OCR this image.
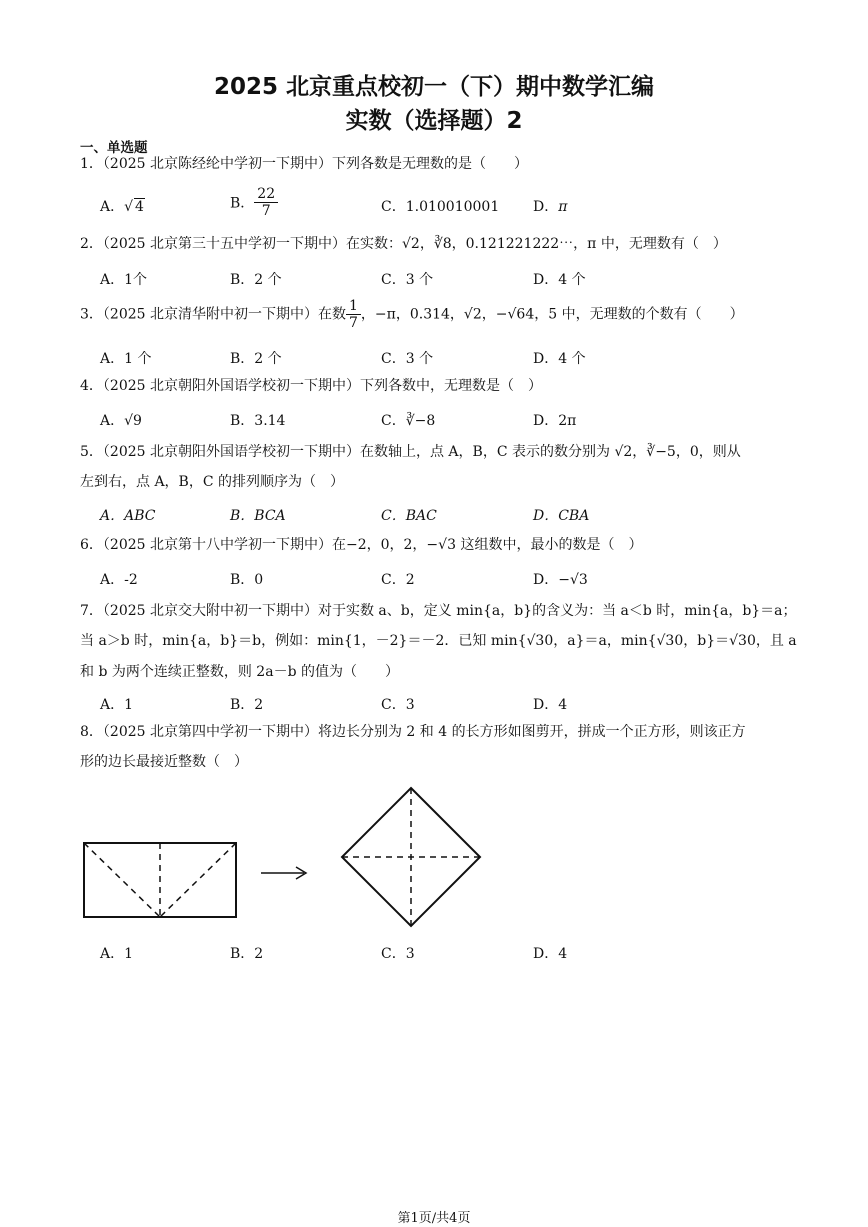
2025 北京重点校初一（下）期中数学汇编
实数（选择题）2
一、单选题
1．（2025 北京陈经纶中学初一下期中）下列各数是无理数的是（　　）
A．√ 4	B． $\frac{22}{7}$	C．1.010010001 D．π
2．（2025 北京第三十五中学初一下期中）在实数：√2，∛8，0.121221222⋯，π 中，无理数有（　）
A．1个	B．2 个	C．3 个	D．4 个
3．（2025 北京清华附中初一下期中）在数 $\frac{1}{7}$ ，−π，0.314，√2，−√64，5 中，无理数的个数有（　　）
A．1 个	B．2 个	C．3 个	D．4 个
4．（2025 北京朝阳外国语学校初一下期中）下列各数中，无理数是（　）
A．√9	B．3.14	C．∛−8	D．2π
5．（2025 北京朝阳外国语学校初一下期中）在数轴上，点 A，B，C 表示的数分别为 √2，∛−5，0，则从
左到右，点 A，B，C 的排列顺序为（　）
A．ABC	B．BCA	C．BAC	D．CBA
6．（2025 北京第十八中学初一下期中）在−2，0，2，−√3 这组数中，最小的数是（　）
A．-2	B．0	C．2	D．−√3
7．（2025 北京交大附中初一下期中）对于实数 a、b，定义 min{a，b}的含义为：当 a＜b 时，min{a，b}＝a；
当 a＞b 时，min{a，b}＝b，例如：min{1，－2}＝－2．已知 min{√30，a}＝a，min{√30，b}＝√30，且 a
和 b 为两个连续正整数，则 2a－b 的值为（　　）
A．1	B．2	C．3	D．4
8．（2025 北京第四中学初一下期中）将边长分别为 2 和 4 的长方形如图剪开，拼成一个正方形，则该正方
形的边长最接近整数（　）
A．1	B．2	C．3	D．4
第1页/共4页
